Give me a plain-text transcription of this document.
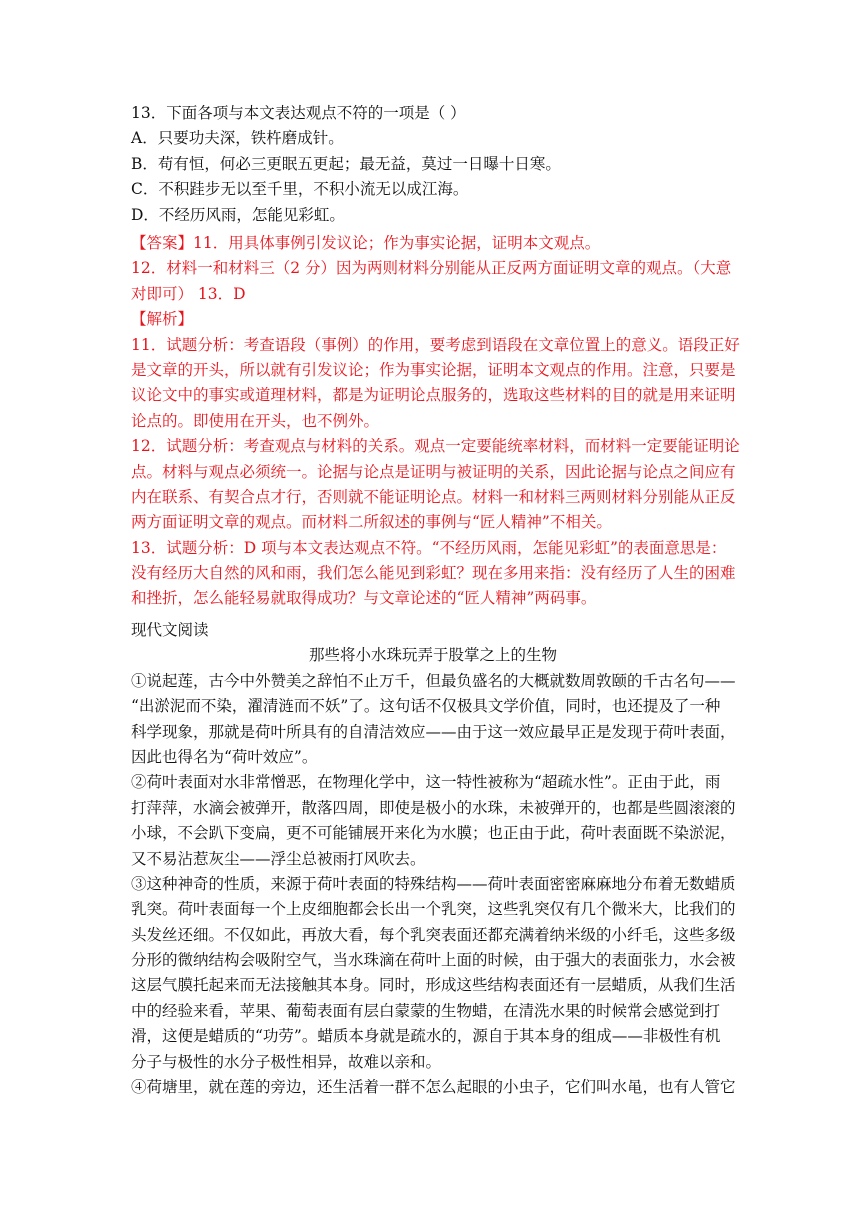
13．下面各项与本文表达观点不符的一项是（ ）
A．只要功夫深，铁杵磨成针。
B．苟有恒，何必三更眠五更起；最无益，莫过一日曝十日寒。
C．不积跬步无以至千里，不积小流无以成江海。
D．不经历风雨，怎能见彩虹。
【答案】11．用具体事例引发议论；作为事实论据，证明本文观点。
12．材料一和材料三（2 分）因为两则材料分别能从正反两方面证明文章的观点。（大意
对即可） 13．D
【解析】
11．试题分析：考查语段（事例）的作用，要考虑到语段在文章位置上的意义。语段正好
是文章的开头，所以就有引发议论；作为事实论据，证明本文观点的作用。注意，只要是
议论文中的事实或道理材料，都是为证明论点服务的，选取这些材料的目的就是用来证明
论点的。即使用在开头，也不例外。
12．试题分析：考查观点与材料的关系。观点一定要能统率材料，而材料一定要能证明论
点。材料与观点必须统一。论据与论点是证明与被证明的关系，因此论据与论点之间应有
内在联系、有契合点才行，否则就不能证明论点。材料一和材料三两则材料分别能从正反
两方面证明文章的观点。而材料二所叙述的事例与“匠人精神”不相关。
13．试题分析：D 项与本文表达观点不符。“不经历风雨，怎能见彩虹”的表面意思是：
没有经历大自然的风和雨，我们怎么能见到彩虹？现在多用来指：没有经历了人生的困难
和挫折，怎么能轻易就取得成功？与文章论述的“匠人精神”两码事。
现代文阅读
那些将小水珠玩弄于股掌之上的生物
①说起莲，古今中外赞美之辞怕不止万千，但最负盛名的大概就数周敦颐的千古名句——
“出淤泥而不染，濯清涟而不妖”了。这句话不仅极具文学价值，同时，也还提及了一种
科学现象，那就是荷叶所具有的自清洁效应——由于这一效应最早正是发现于荷叶表面，
因此也得名为“荷叶效应”。
②荷叶表面对水非常憎恶，在物理化学中，这一特性被称为“超疏水性”。正由于此，雨
打萍萍，水滴会被弹开，散落四周，即使是极小的水珠，未被弹开的，也都是些圆滚滚的
小球，不会趴下变扁，更不可能铺展开来化为水膜；也正由于此，荷叶表面既不染淤泥，
又不易沾惹灰尘——浮尘总被雨打风吹去。
③这种神奇的性质，来源于荷叶表面的特殊结构——荷叶表面密密麻麻地分布着无数蜡质
乳突。荷叶表面每一个上皮细胞都会长出一个乳突，这些乳突仅有几个微米大，比我们的
头发丝还细。不仅如此，再放大看，每个乳突表面还都充满着纳米级的小纤毛，这些多级
分形的微纳结构会吸附空气，当水珠滴在荷叶上面的时候，由于强大的表面张力，水会被
这层气膜托起来而无法接触其本身。同时，形成这些结构表面还有一层蜡质，从我们生活
中的经验来看，苹果、葡萄表面有层白蒙蒙的生物蜡，在清洗水果的时候常会感觉到打
滑，这便是蜡质的“功劳”。蜡质本身就是疏水的，源自于其本身的组成——非极性有机
分子与极性的水分子极性相异，故难以亲和。
④荷塘里，就在莲的旁边，还生活着一群不怎么起眼的小虫子，它们叫水黾，也有人管它
